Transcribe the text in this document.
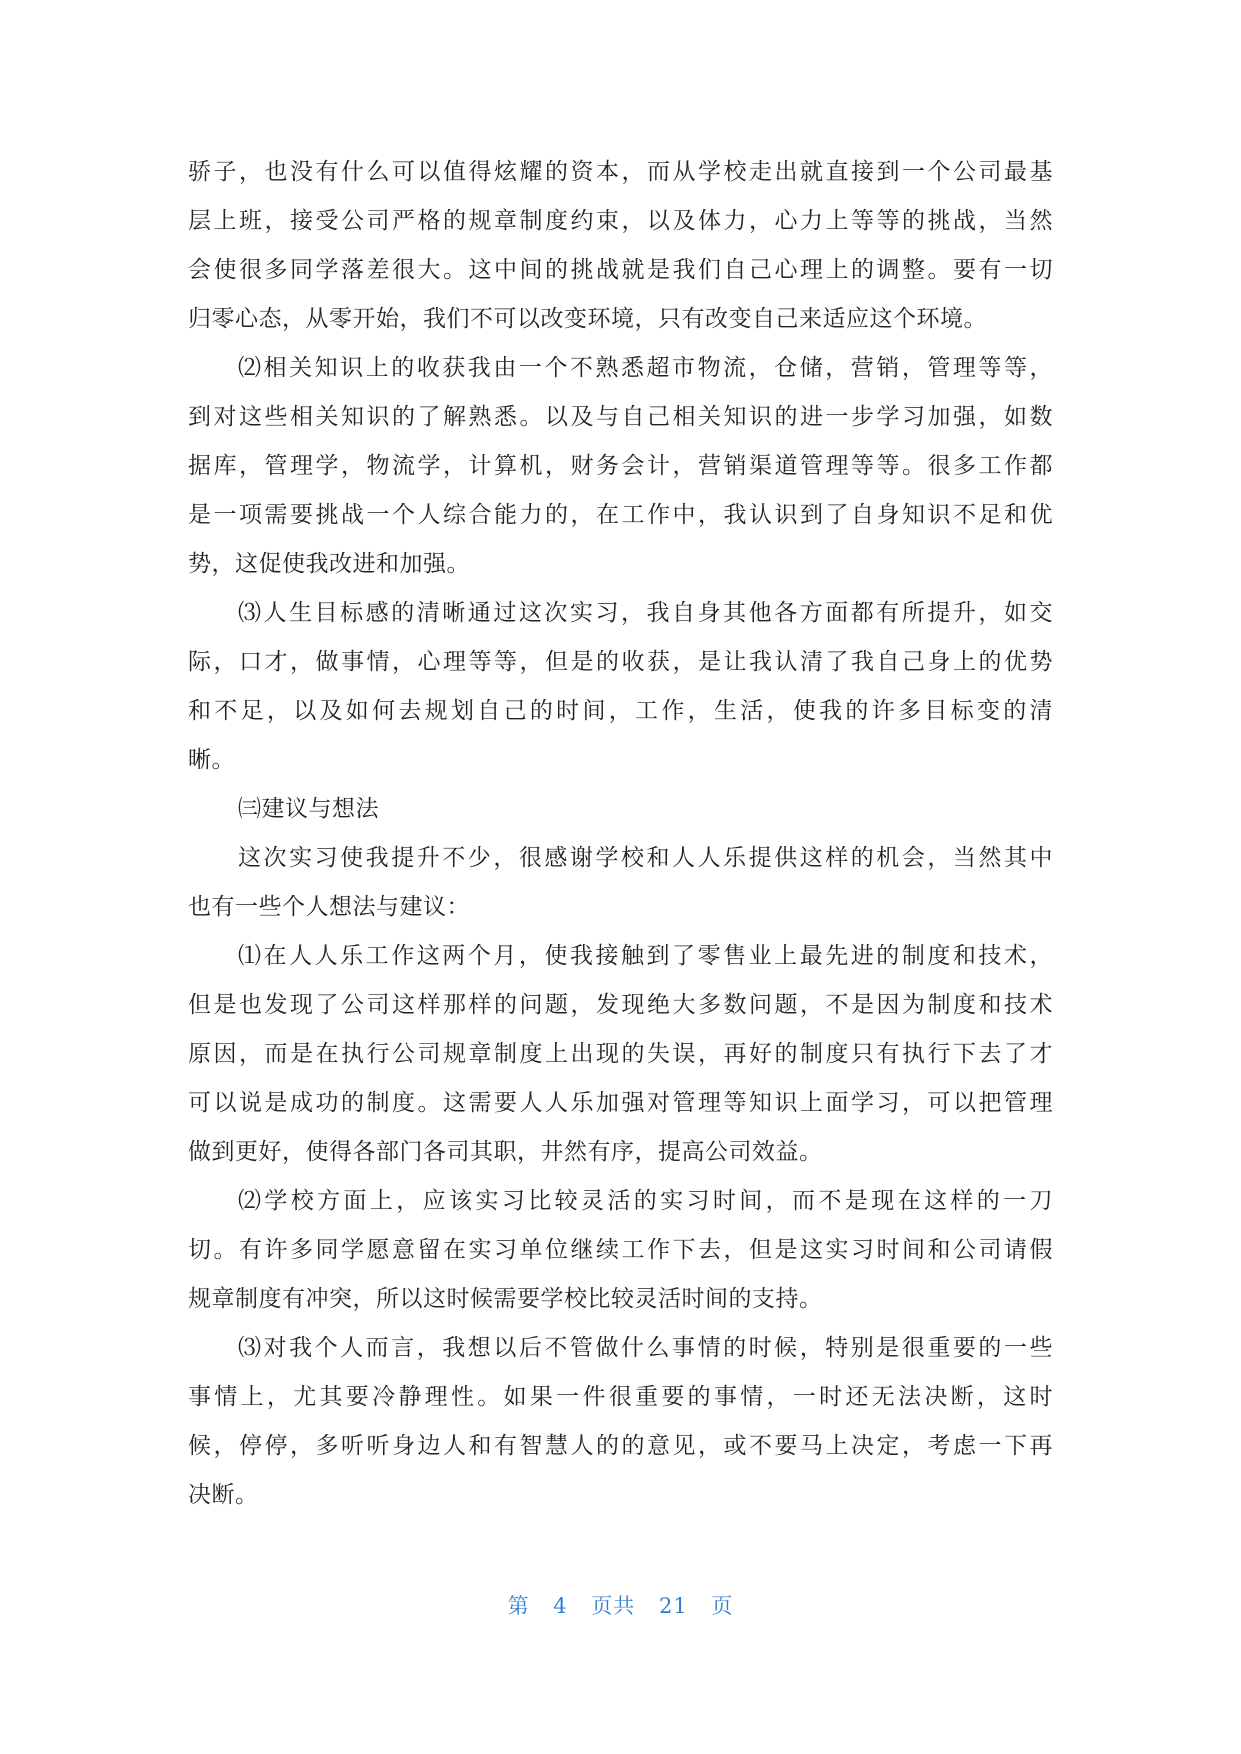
骄子，也没有什么可以值得炫耀的资本，而从学校走出就直接到一个公司最基
层上班，接受公司严格的规章制度约束，以及体力，心力上等等的挑战，当然
会使很多同学落差很大。这中间的挑战就是我们自己心理上的调整。要有一切
归零心态，从零开始，我们不可以改变环境，只有改变自己来适应这个环境。
⑵相关知识上的收获我由一个不熟悉超市物流，仓储，营销，管理等等，
到对这些相关知识的了解熟悉。以及与自己相关知识的进一步学习加强，如数
据库，管理学，物流学，计算机，财务会计，营销渠道管理等等。很多工作都
是一项需要挑战一个人综合能力的，在工作中，我认识到了自身知识不足和优
势，这促使我改进和加强。
⑶人生目标感的清晰通过这次实习，我自身其他各方面都有所提升，如交
际，口才，做事情，心理等等，但是的收获，是让我认清了我自己身上的优势
和不足，以及如何去规划自己的时间，工作，生活，使我的许多目标变的清
晰。
㈢建议与想法
这次实习使我提升不少，很感谢学校和人人乐提供这样的机会，当然其中
也有一些个人想法与建议：
⑴在人人乐工作这两个月，使我接触到了零售业上最先进的制度和技术，
但是也发现了公司这样那样的问题，发现绝大多数问题，不是因为制度和技术
原因，而是在执行公司规章制度上出现的失误，再好的制度只有执行下去了才
可以说是成功的制度。这需要人人乐加强对管理等知识上面学习，可以把管理
做到更好，使得各部门各司其职，井然有序，提高公司效益。
⑵学校方面上，应该实习比较灵活的实习时间，而不是现在这样的一刀
切。有许多同学愿意留在实习单位继续工作下去，但是这实习时间和公司请假
规章制度有冲突，所以这时候需要学校比较灵活时间的支持。
⑶对我个人而言，我想以后不管做什么事情的时候，特别是很重要的一些
事情上，尤其要冷静理性。如果一件很重要的事情，一时还无法决断，这时
候，停停，多听听身边人和有智慧人的的意见，或不要马上决定，考虑一下再
决断。
第 4 页共 21 页
